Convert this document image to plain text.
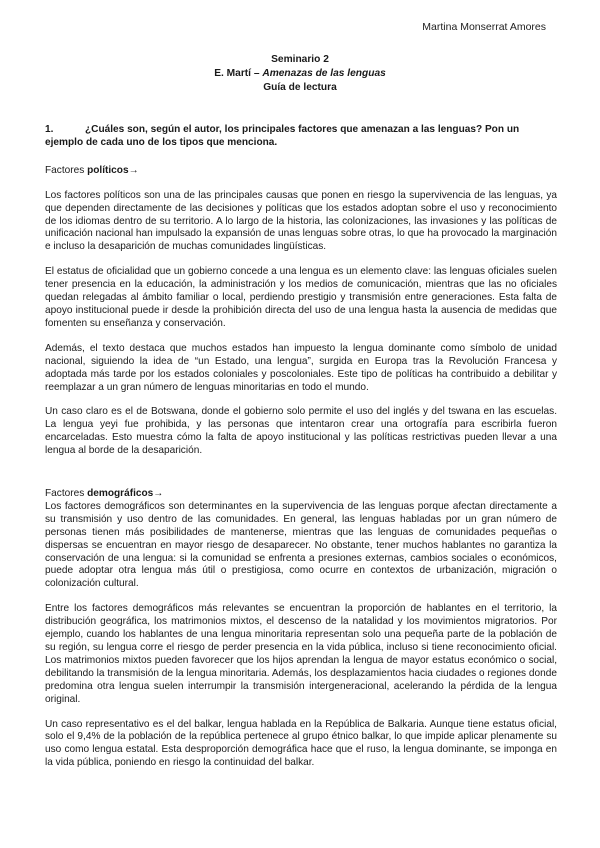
Martina Monserrat Amores
Seminario 2
E. Martí – Amenazas de las lenguas
Guía de lectura
1.	¿Cuáles son, según el autor, los principales factores que amenazan a las lenguas? Pon un ejemplo de cada uno de los tipos que menciona.
Factores políticos→

Los factores políticos son una de las principales causas que ponen en riesgo la supervivencia de las lenguas, ya que dependen directamente de las decisiones y políticas que los estados adoptan sobre el uso y reconocimiento de los idiomas dentro de su territorio. A lo largo de la historia, las colonizaciones, las invasiones y las políticas de unificación nacional han impulsado la expansión de unas lenguas sobre otras, lo que ha provocado la marginación e incluso la desaparición de muchas comunidades lingüísticas.

El estatus de oficialidad que un gobierno concede a una lengua es un elemento clave: las lenguas oficiales suelen tener presencia en la educación, la administración y los medios de comunicación, mientras que las no oficiales quedan relegadas al ámbito familiar o local, perdiendo prestigio y transmisión entre generaciones. Esta falta de apoyo institucional puede ir desde la prohibición directa del uso de una lengua hasta la ausencia de medidas que fomenten su enseñanza y conservación.

Además, el texto destaca que muchos estados han impuesto la lengua dominante como símbolo de unidad nacional, siguiendo la idea de “un Estado, una lengua”, surgida en Europa tras la Revolución Francesa y adoptada más tarde por los estados coloniales y poscoloniales. Este tipo de políticas ha contribuido a debilitar y reemplazar a un gran número de lenguas minoritarias en todo el mundo.

Un caso claro es el de Botswana, donde el gobierno solo permite el uso del inglés y del tswana en las escuelas. La lengua yeyi fue prohibida, y las personas que intentaron crear una ortografía para escribirla fueron encarceladas. Esto muestra cómo la falta de apoyo institucional y las políticas restrictivas pueden llevar a una lengua al borde de la desaparición.

Factores demográficos→

Los factores demográficos son determinantes en la supervivencia de las lenguas porque afectan directamente a su transmisión y uso dentro de las comunidades. En general, las lenguas habladas por un gran número de personas tienen más posibilidades de mantenerse, mientras que las lenguas de comunidades pequeñas o dispersas se encuentran en mayor riesgo de desaparecer. No obstante, tener muchos hablantes no garantiza la conservación de una lengua: si la comunidad se enfrenta a presiones externas, cambios sociales o económicos, puede adoptar otra lengua más útil o prestigiosa, como ocurre en contextos de urbanización, migración o colonización cultural.

Entre los factores demográficos más relevantes se encuentran la proporción de hablantes en el territorio, la distribución geográfica, los matrimonios mixtos, el descenso de la natalidad y los movimientos migratorios. Por ejemplo, cuando los hablantes de una lengua minoritaria representan solo una pequeña parte de la población de su región, su lengua corre el riesgo de perder presencia en la vida pública, incluso si tiene reconocimiento oficial. Los matrimonios mixtos pueden favorecer que los hijos aprendan la lengua de mayor estatus económico o social, debilitando la transmisión de la lengua minoritaria. Además, los desplazamientos hacia ciudades o regiones donde predomina otra lengua suelen interrumpir la transmisión intergeneracional, acelerando la pérdida de la lengua original.

Un caso representativo es el del balkar, lengua hablada en la República de Balkaria. Aunque tiene estatus oficial, solo el 9,4% de la población de la república pertenece al grupo étnico balkar, lo que impide aplicar plenamente su uso como lengua estatal. Esta desproporción demográfica hace que el ruso, la lengua dominante, se imponga en la vida pública, poniendo en riesgo la continuidad del balkar.
